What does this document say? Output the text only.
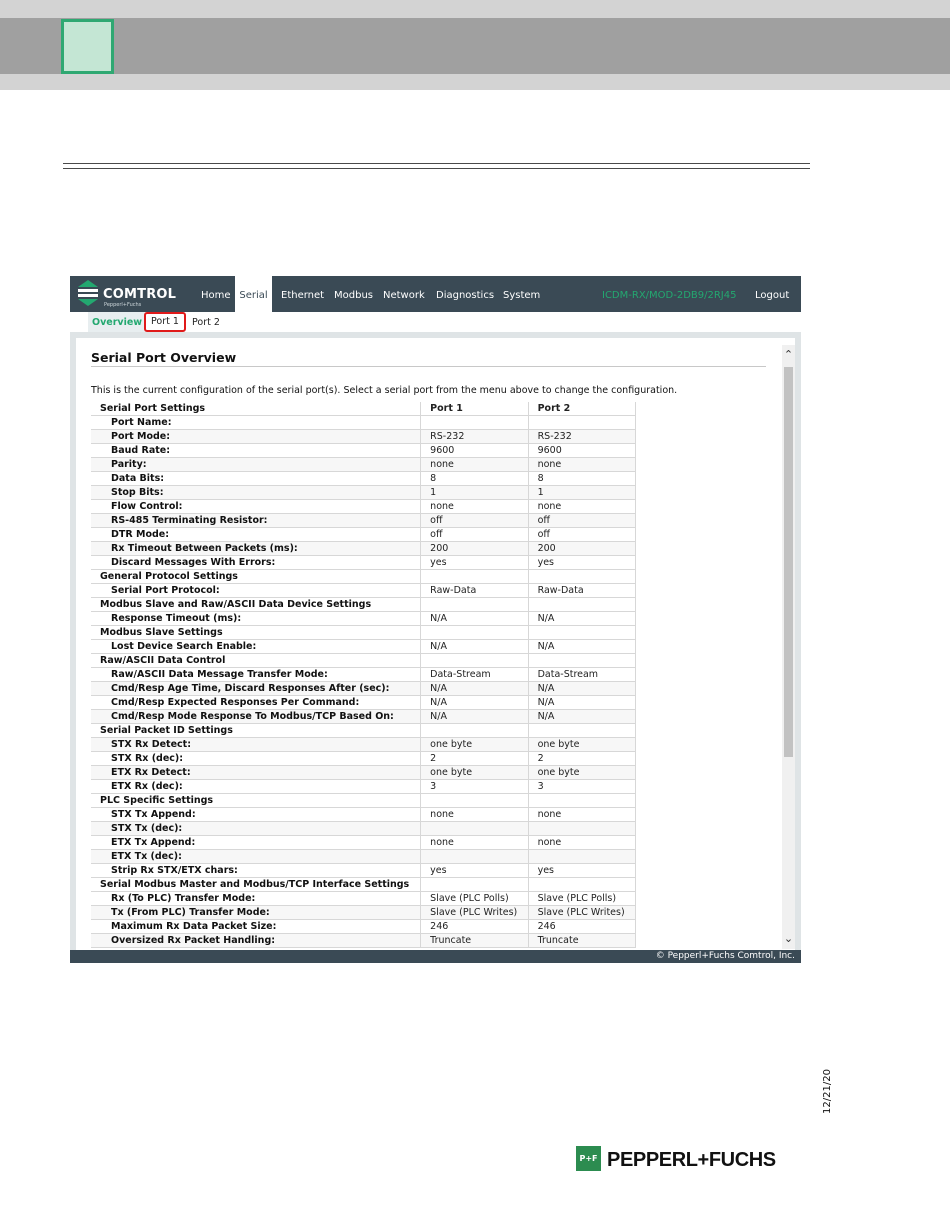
COMTROL
Pepperl+Fuchs
Home Serial	Ethernet Modbus Network Diagnostics System	ICDM-RX/MOD-2DB9/2RJ45 Logout
Overview Port 1	Port 2
Serial Port Overview
This is the current configuration of the serial port(s). Select a serial port from the menu above to change the configuration.
Serial Port Settings	Port 1	Port 2
Port Name:		
Port Mode:	RS-232	RS-232
Baud Rate:	9600	9600
Parity:	none	none
Data Bits:	8	8
Stop Bits:	1	1
Flow Control:	none	none
RS-485 Terminating Resistor:	off	off
DTR Mode:	off	off
Rx Timeout Between Packets (ms):	200	200
Discard Messages With Errors:	yes	yes
General Protocol Settings		
Serial Port Protocol:	Raw-Data	Raw-Data
Modbus Slave and Raw/ASCII Data Device Settings		
Response Timeout (ms):	N/A	N/A
Modbus Slave Settings		
Lost Device Search Enable:	N/A	N/A
Raw/ASCII Data Control		
Raw/ASCII Data Message Transfer Mode:	Data-Stream	Data-Stream
Cmd/Resp Age Time, Discard Responses After (sec):	N/A	N/A
Cmd/Resp Expected Responses Per Command:	N/A	N/A
Cmd/Resp Mode Response To Modbus/TCP Based On:	N/A	N/A
Serial Packet ID Settings		
STX Rx Detect:	one byte	one byte
STX Rx (dec):	2	2
ETX Rx Detect:	one byte	one byte
ETX Rx (dec):	3	3
PLC Specific Settings		
STX Tx Append:	none	none
STX Tx (dec):		
ETX Tx Append:	none	none
ETX Tx (dec):		
Strip Rx STX/ETX chars:	yes	yes
Serial Modbus Master and Modbus/TCP Interface Settings		
Rx (To PLC) Transfer Mode:	Slave (PLC Polls)	Slave (PLC Polls)
Tx (From PLC) Transfer Mode:	Slave (PLC Writes)	Slave (PLC Writes)
Maximum Rx Data Packet Size:	246	246
Oversized Rx Packet Handling:	Truncate	Truncate
⌃
⌄
© Pepperl+Fuchs Comtrol, Inc.
12/21/20
P+F PEPPERL+FUCHS
